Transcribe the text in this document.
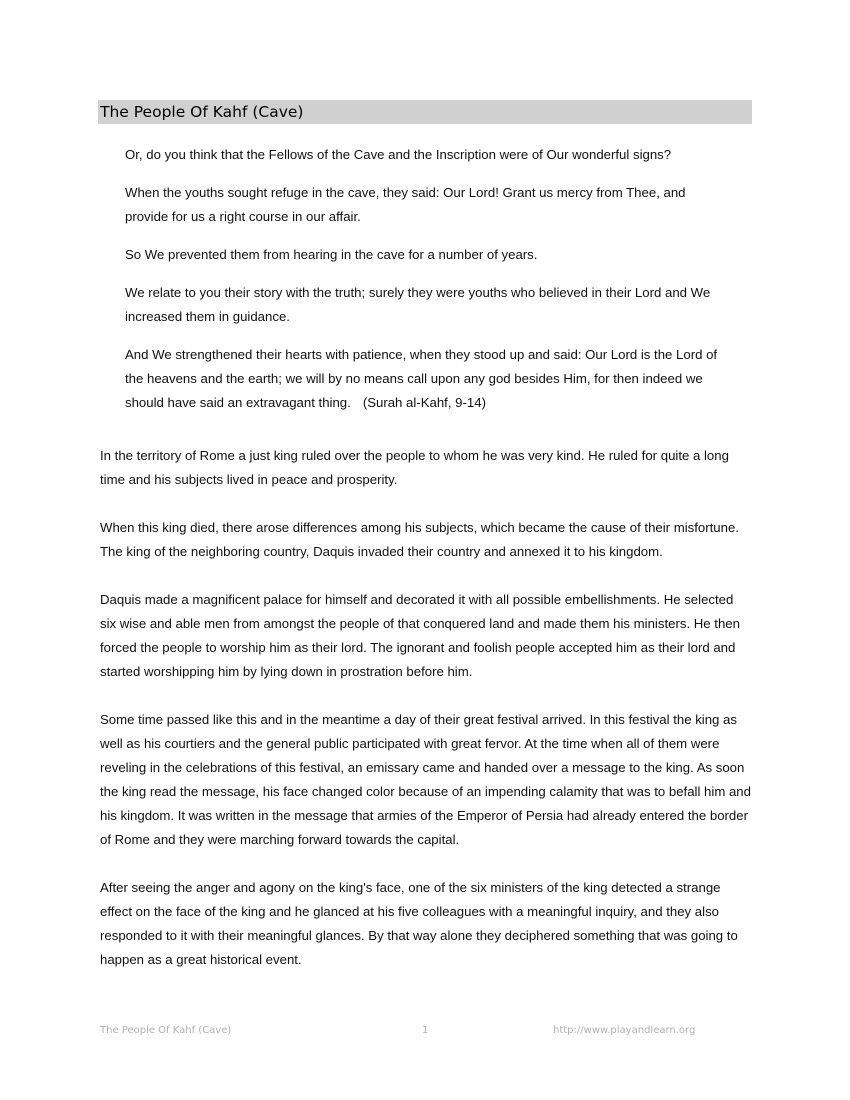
The People Of Kahf (Cave)

Or, do you think that the Fellows of the Cave and the Inscription were of Our wonderful signs?

When the youths sought refuge in the cave, they said: Our Lord! Grant us mercy from Thee, and provide for us a right course in our affair.

So We prevented them from hearing in the cave for a number of years.

We relate to you their story with the truth; surely they were youths who believed in their Lord and We increased them in guidance.

And We strengthened their hearts with patience, when they stood up and said: Our Lord is the Lord of the heavens and the earth; we will by no means call upon any god besides Him, for then indeed we should have said an extravagant thing. (Surah al-Kahf, 9-14)

In the territory of Rome a just king ruled over the people to whom he was very kind. He ruled for quite a long time and his subjects lived in peace and prosperity.

When this king died, there arose differences among his subjects, which became the cause of their misfortune. The king of the neighboring country, Daquis invaded their country and annexed it to his kingdom.

Daquis made a magnificent palace for himself and decorated it with all possible embellishments. He selected six wise and able men from amongst the people of that conquered land and made them his ministers. He then forced the people to worship him as their lord. The ignorant and foolish people accepted him as their lord and started worshipping him by lying down in prostration before him.

Some time passed like this and in the meantime a day of their great festival arrived. In this festival the king as well as his courtiers and the general public participated with great fervor. At the time when all of them were reveling in the celebrations of this festival, an emissary came and handed over a message to the king. As soon the king read the message, his face changed color because of an impending calamity that was to befall him and his kingdom. It was written in the message that armies of the Emperor of Persia had already entered the border of Rome and they were marching forward towards the capital.

After seeing the anger and agony on the king's face, one of the six ministers of the king detected a strange effect on the face of the king and he glanced at his five colleagues with a meaningful inquiry, and they also responded to it with their meaningful glances. By that way alone they deciphered something that was going to happen as a great historical event.

The People Of Kahf (Cave)	1	http://www.playandlearn.org
